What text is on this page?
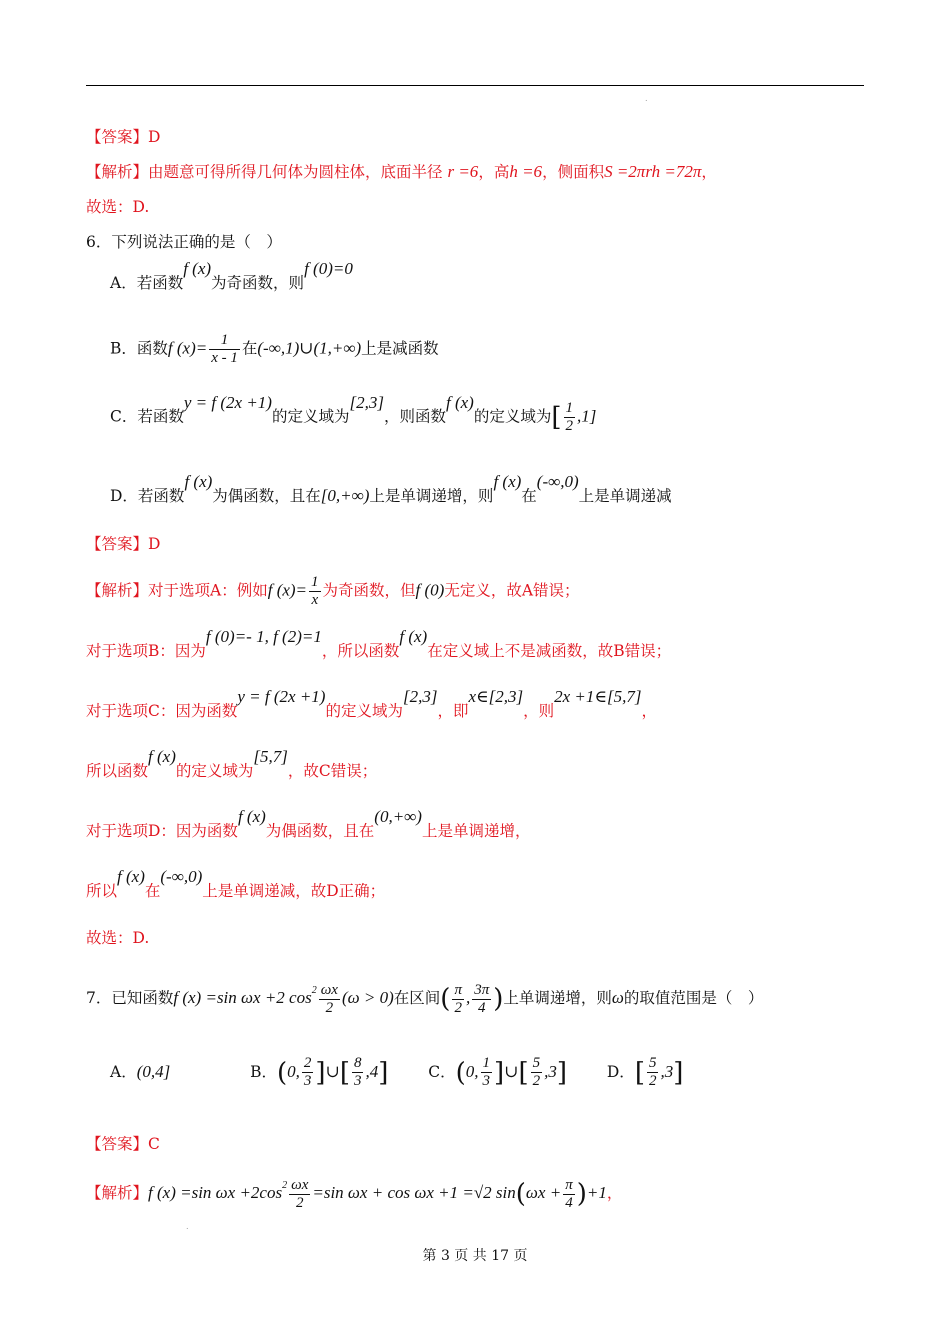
.
【答案】D
【解析】由题意可得所得几何体为圆柱体，底面半径 r =6，高h =6，侧面积S =2πrh =72π，
故选：D.
6．下列说法正确的是（　）
A．若函数f (x)为奇函数，则f (0)=0
B．函数f $(x)= \frac{1}{x - 1}$ 在(-∞,1)∪(1,+∞)上是减函数
C．若函数y = f (2x +1)的定义域为[2,3]，则函数f (x)的定义域为[ $\frac{1}{2} ,1$]
D．若函数f (x)为偶函数，且在[0,+∞)上是单调递增，则f (x)在(-∞,0)上是单调递减
【答案】D
【解析】对于选项A：例如f $(x)= \frac{1}{x}$ 为奇函数，但f (0)无定义，故A错误；
对于选项B：因为f (0)=- 1, f (2)=1，所以函数f (x)在定义域上不是减函数，故B错误；
对于选项C：因为函数y = f (2x +1)的定义域为[2,3]，即x∈[2,3]，则2x +1∈[5,7]，
所以函数f (x)的定义域为[5,7]，故C错误；
对于选项D：因为函数f (x)为偶函数，且在(0,+∞)上是单调递增，
所以f (x)在(-∞,0)上是单调递减，故D正确；
故选：D.
7．已知函数f (x) =sin ωx +2 $\cos^2 \frac{\omega x}{2} (\omega > 0)$在区间( $\frac{\pi}{2}$ , $\frac{3\pi}{4}$ )上单调递增，则ω的取值范围是（　）
A．(0,4]	B．(0, $\frac{2}{3}$ ]∪[ $\frac{8}{3} ,4$]	C．(0, $\frac{1}{3}$ ]∪[ $\frac{5}{2} ,3$]	D．[ $\frac{5}{2} ,3$]
【答案】C
【解析】f (x) =sin $\omega x +2\cos^2 \frac{\omega x}{2} =\sin$ ωx + cos ωx +1 =√2 $\sin(\omega x + \frac{\pi}{4} )+1$，
.
第 3 页 共 17 页
